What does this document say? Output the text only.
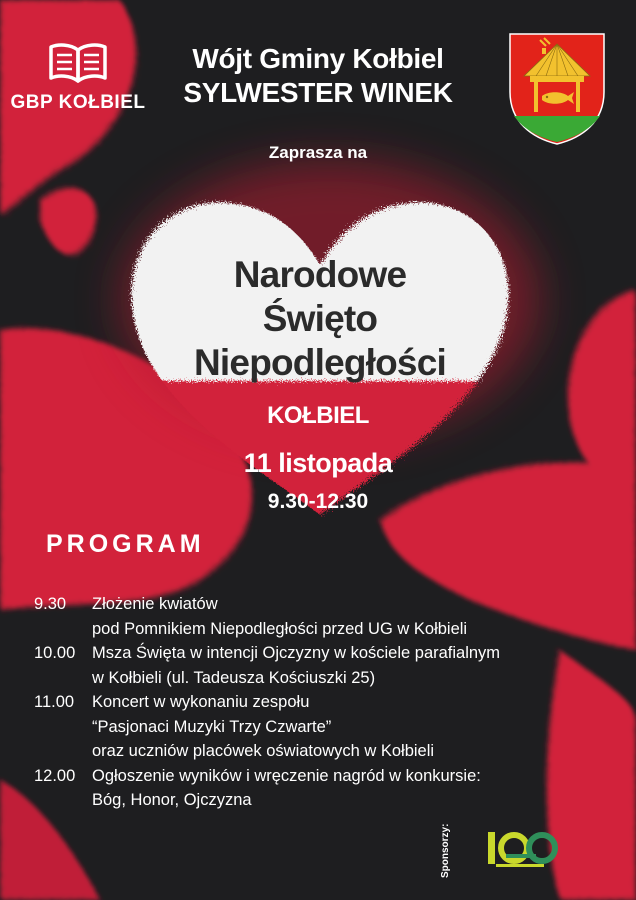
GBP KOŁBIEL
Wójt Gminy Kołbiel
SYLWESTER WINEK
Zaprasza na
Narodowe
Święto
Niepodległości
KOŁBIEL
11 listopada
9.30-12.30
PROGRAM
9.30	Złożenie kwiatów
pod Pomnikiem Niepodległości przed UG w Kołbieli
10.00	Msza Święta w intencji Ojczyzny w kościele parafialnym
w Kołbieli (ul. Tadeusza Kościuszki 25)
11.00	Koncert w wykonaniu zespołu
“Pasjonaci Muzyki Trzy Czwarte”
oraz uczniów placówek oświatowych w Kołbieli
12.00	Ogłoszenie wyników i wręczenie nagród w konkursie:
Bóg, Honor, Ojczyzna
Sponsorzy:
